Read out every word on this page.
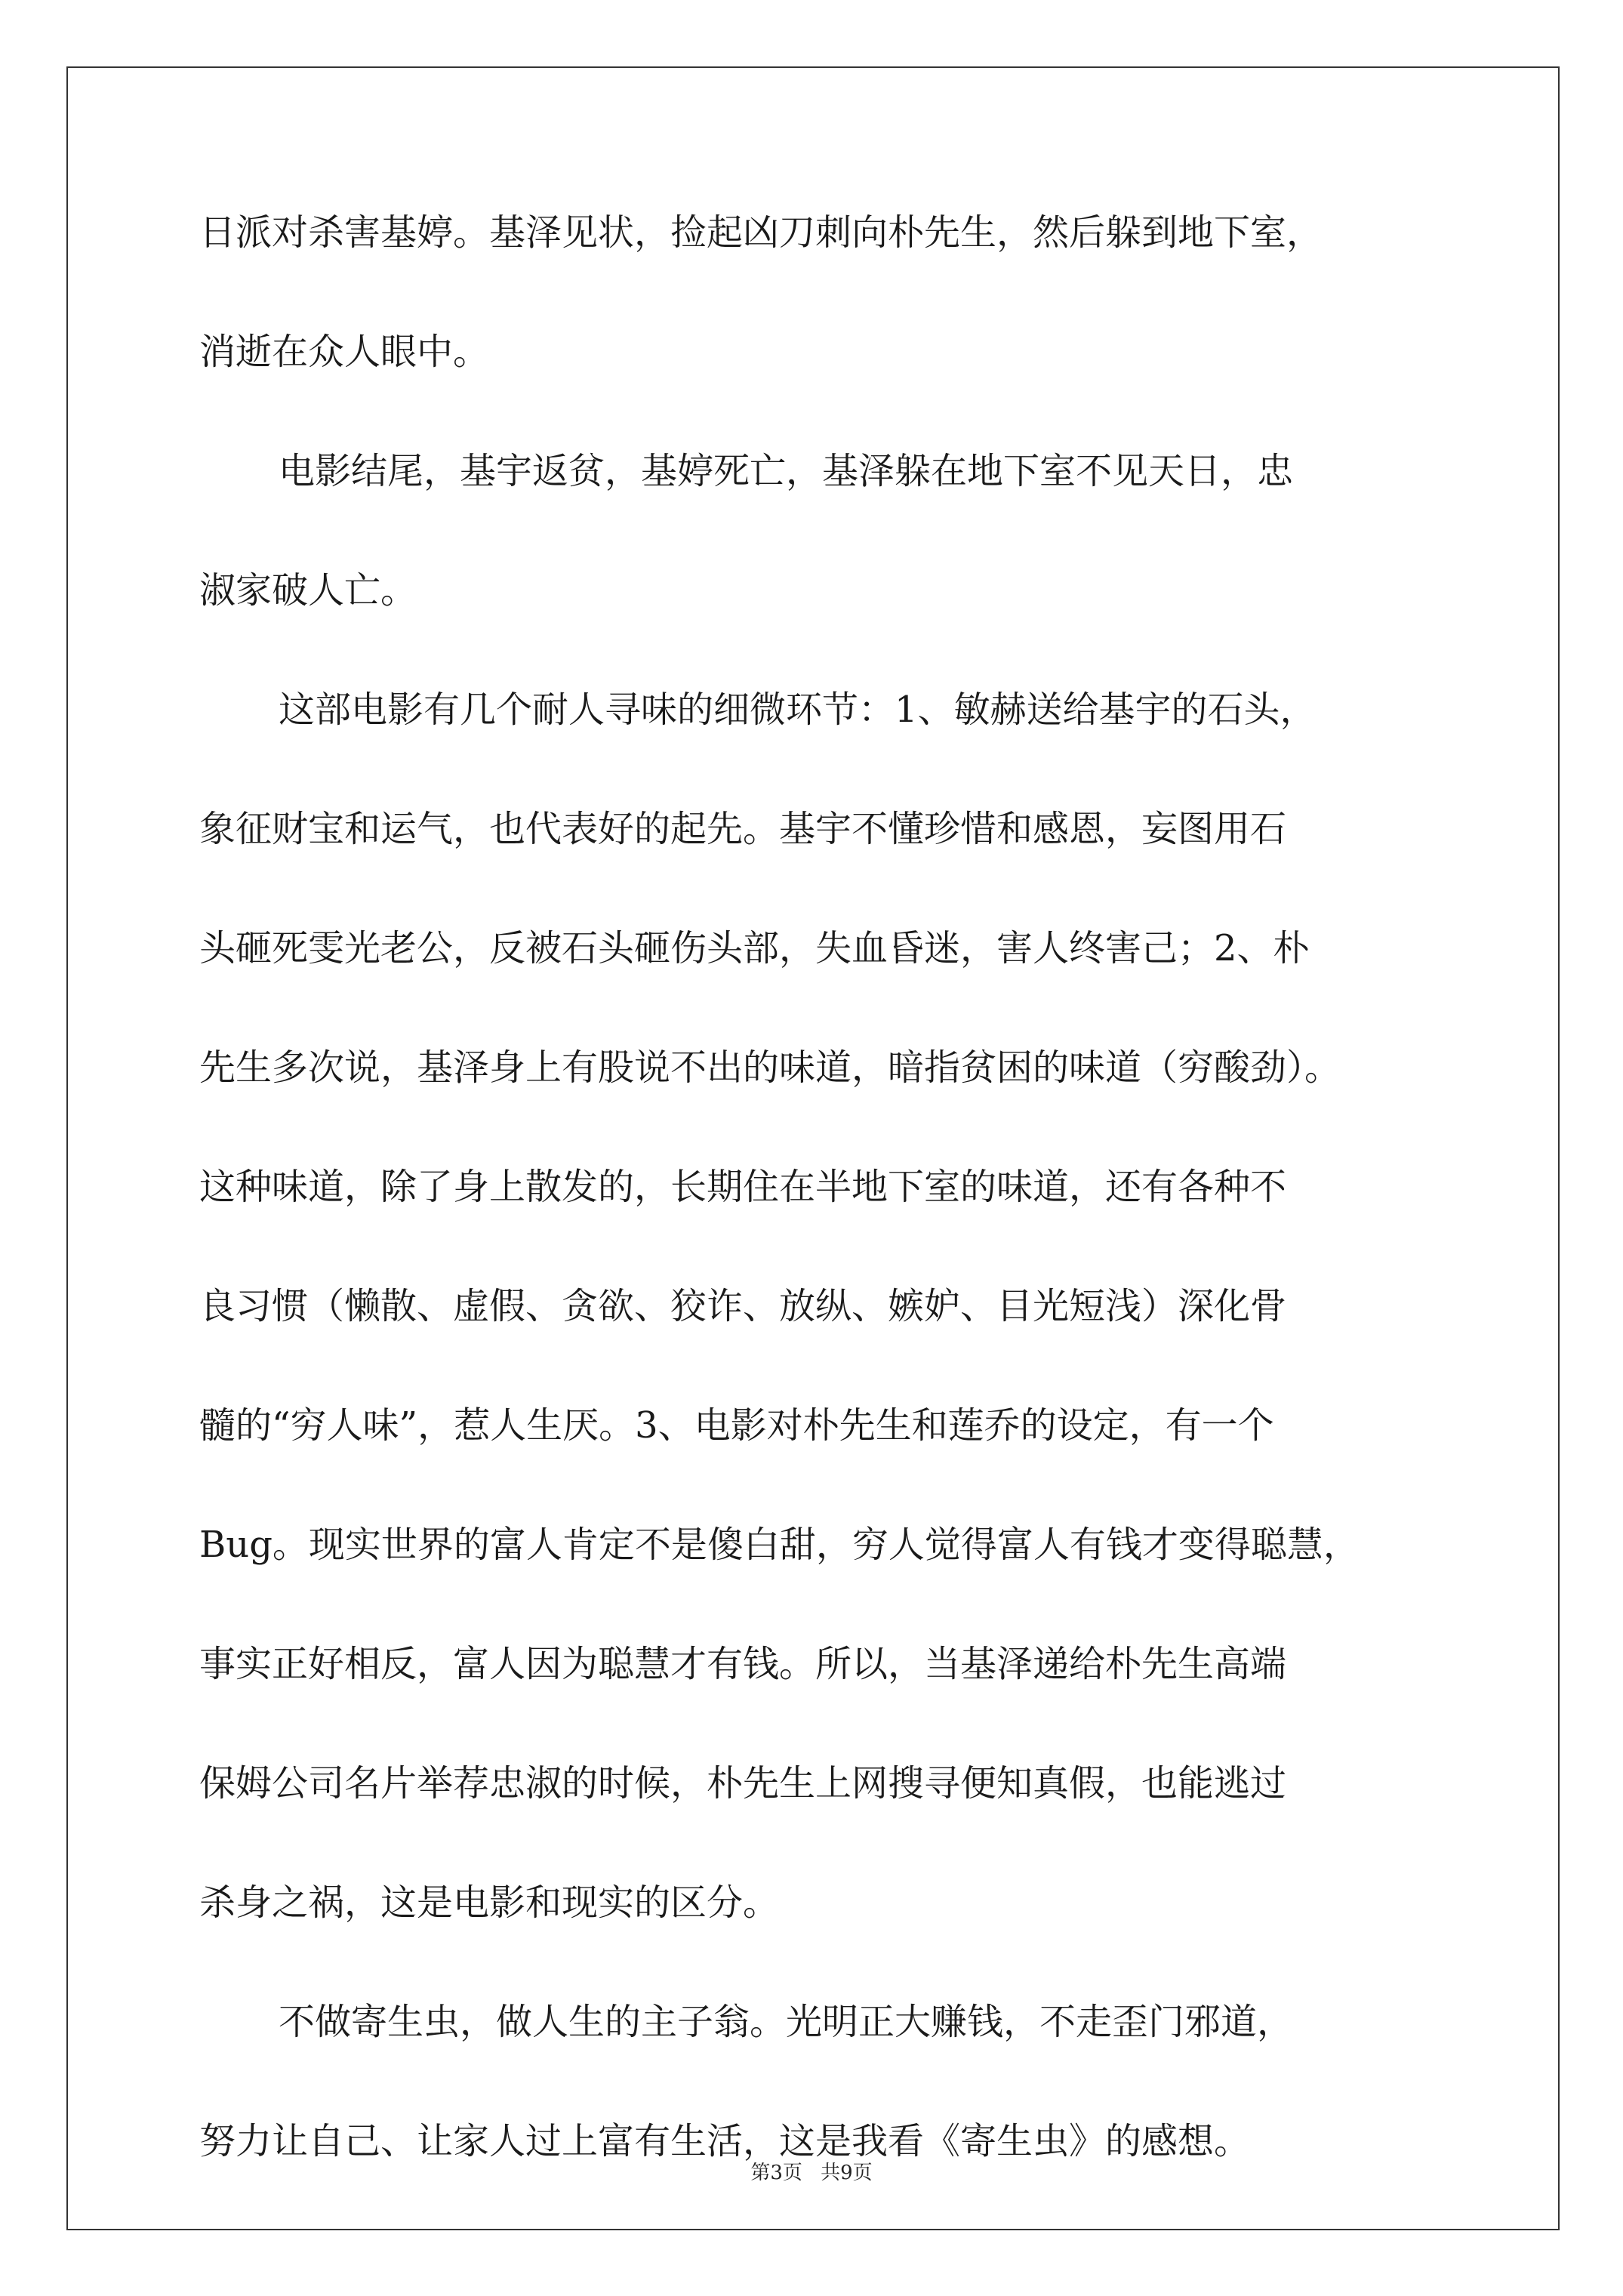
日派对杀害基婷。基泽见状，捡起凶刀刺向朴先生，然后躲到地下室，
消逝在众人眼中。
电影结尾，基宇返贫，基婷死亡，基泽躲在地下室不见天日，忠
淑家破人亡。
这部电影有几个耐人寻味的细微环节：1、敏赫送给基宇的石头，
象征财宝和运气，也代表好的起先。基宇不懂珍惜和感恩，妄图用石
头砸死雯光老公，反被石头砸伤头部，失血昏迷，害人终害己；2、朴
先生多次说，基泽身上有股说不出的味道，暗指贫困的味道（穷酸劲）。
这种味道，除了身上散发的，长期住在半地下室的味道，还有各种不
良习惯（懒散、虚假、贪欲、狡诈、放纵、嫉妒、目光短浅）深化骨
髓的“穷人味”，惹人生厌。3、电影对朴先生和莲乔的设定，有一个
Bug。现实世界的富人肯定不是傻白甜，穷人觉得富人有钱才变得聪慧，
事实正好相反，富人因为聪慧才有钱。所以，当基泽递给朴先生高端
保姆公司名片举荐忠淑的时候，朴先生上网搜寻便知真假，也能逃过
杀身之祸，这是电影和现实的区分。
不做寄生虫，做人生的主子翁。光明正大赚钱，不走歪门邪道，
努力让自己、让家人过上富有生活，这是我看《寄生虫》的感想。
第3页 共9页
